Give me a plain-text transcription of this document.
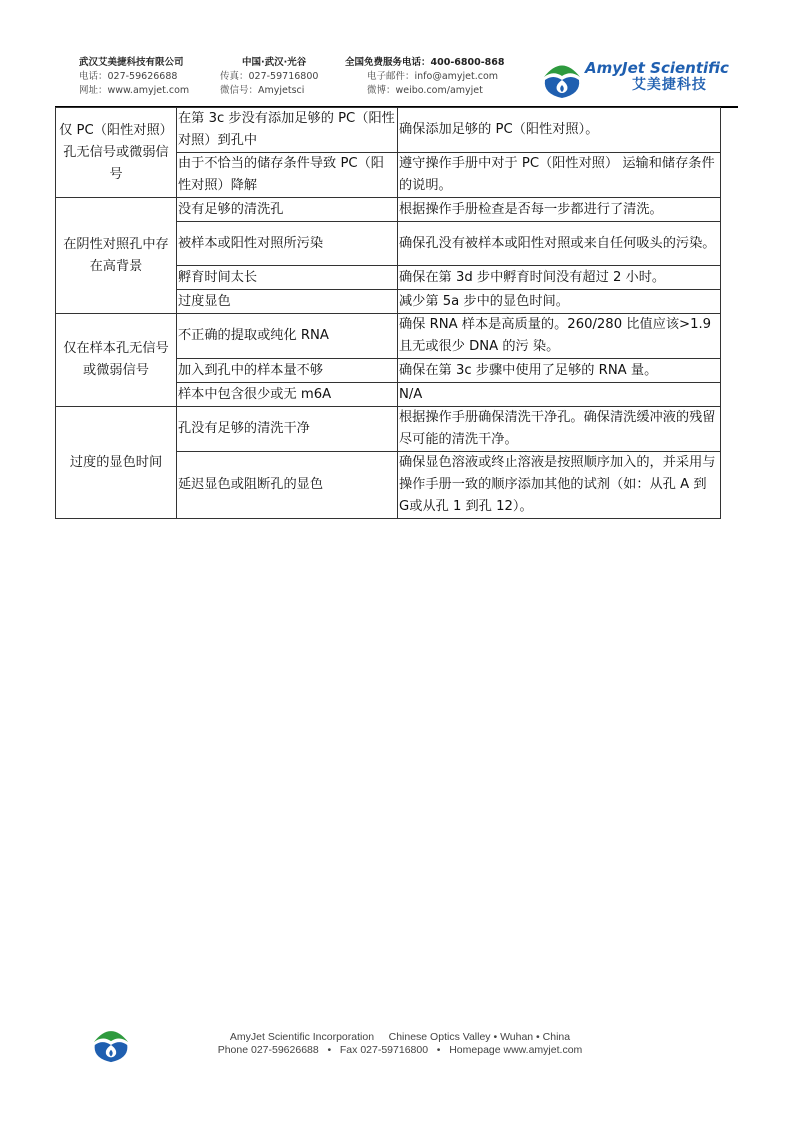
武汉艾美捷科技有限公司
电话：027-59626688
网址：www.amyjet.com
中国·武汉·光谷
传真：027-59716800
微信号：Amyjetsci
全国免费服务电话：400-6800-868
电子邮件：info@amyjet.com
微博：weibo.com/amyjet
AmyJet Scientific
艾美捷科技
仅 PC（阳性对照）孔无信号或微弱信号	在第 3c 步没有添加足够的 PC（阳性对照）到孔中	确保添加足够的 PC（阳性对照）。
	由于不恰当的储存条件导致 PC（阳性对照）降解	遵守操作手册中对于 PC（阳性对照） 运输和储存条件的说明。
在阴性对照孔中存在高背景	没有足够的清洗孔	根据操作手册检查是否每一步都进行了清洗。
	被样本或阳性对照所污染	确保孔没有被样本或阳性对照或来自任何吸头的污染。
	孵育时间太长	确保在第 3d 步中孵育时间没有超过 2 小时。
	过度显色	减少第 5a 步中的显色时间。
仅在样本孔无信号或微弱信号	不正确的提取或纯化 RNA	确保 RNA 样本是高质量的。260/280 比值应该>1.9 且无或很少 DNA 的污 染。
	加入到孔中的样本量不够	确保在第 3c 步骤中使用了足够的 RNA 量。
	样本中包含很少或无 m6A	N/A
过度的显色时间	孔没有足够的清洗干净	根据操作手册确保清洗干净孔。确保清洗缓冲液的残留尽可能的清洗干净。
	延迟显色或阻断孔的显色	确保显色溶液或终止溶液是按照顺序加入的，并采用与操作手册一致的顺序添加其他的试剂（如：从孔 A 到 G或从孔 1 到孔 12）。
AmyJet Scientific Incorporation     Chinese Optics Valley • Wuhan • China
Phone 027-59626688   •   Fax 027-59716800   •   Homepage www.amyjet.com
